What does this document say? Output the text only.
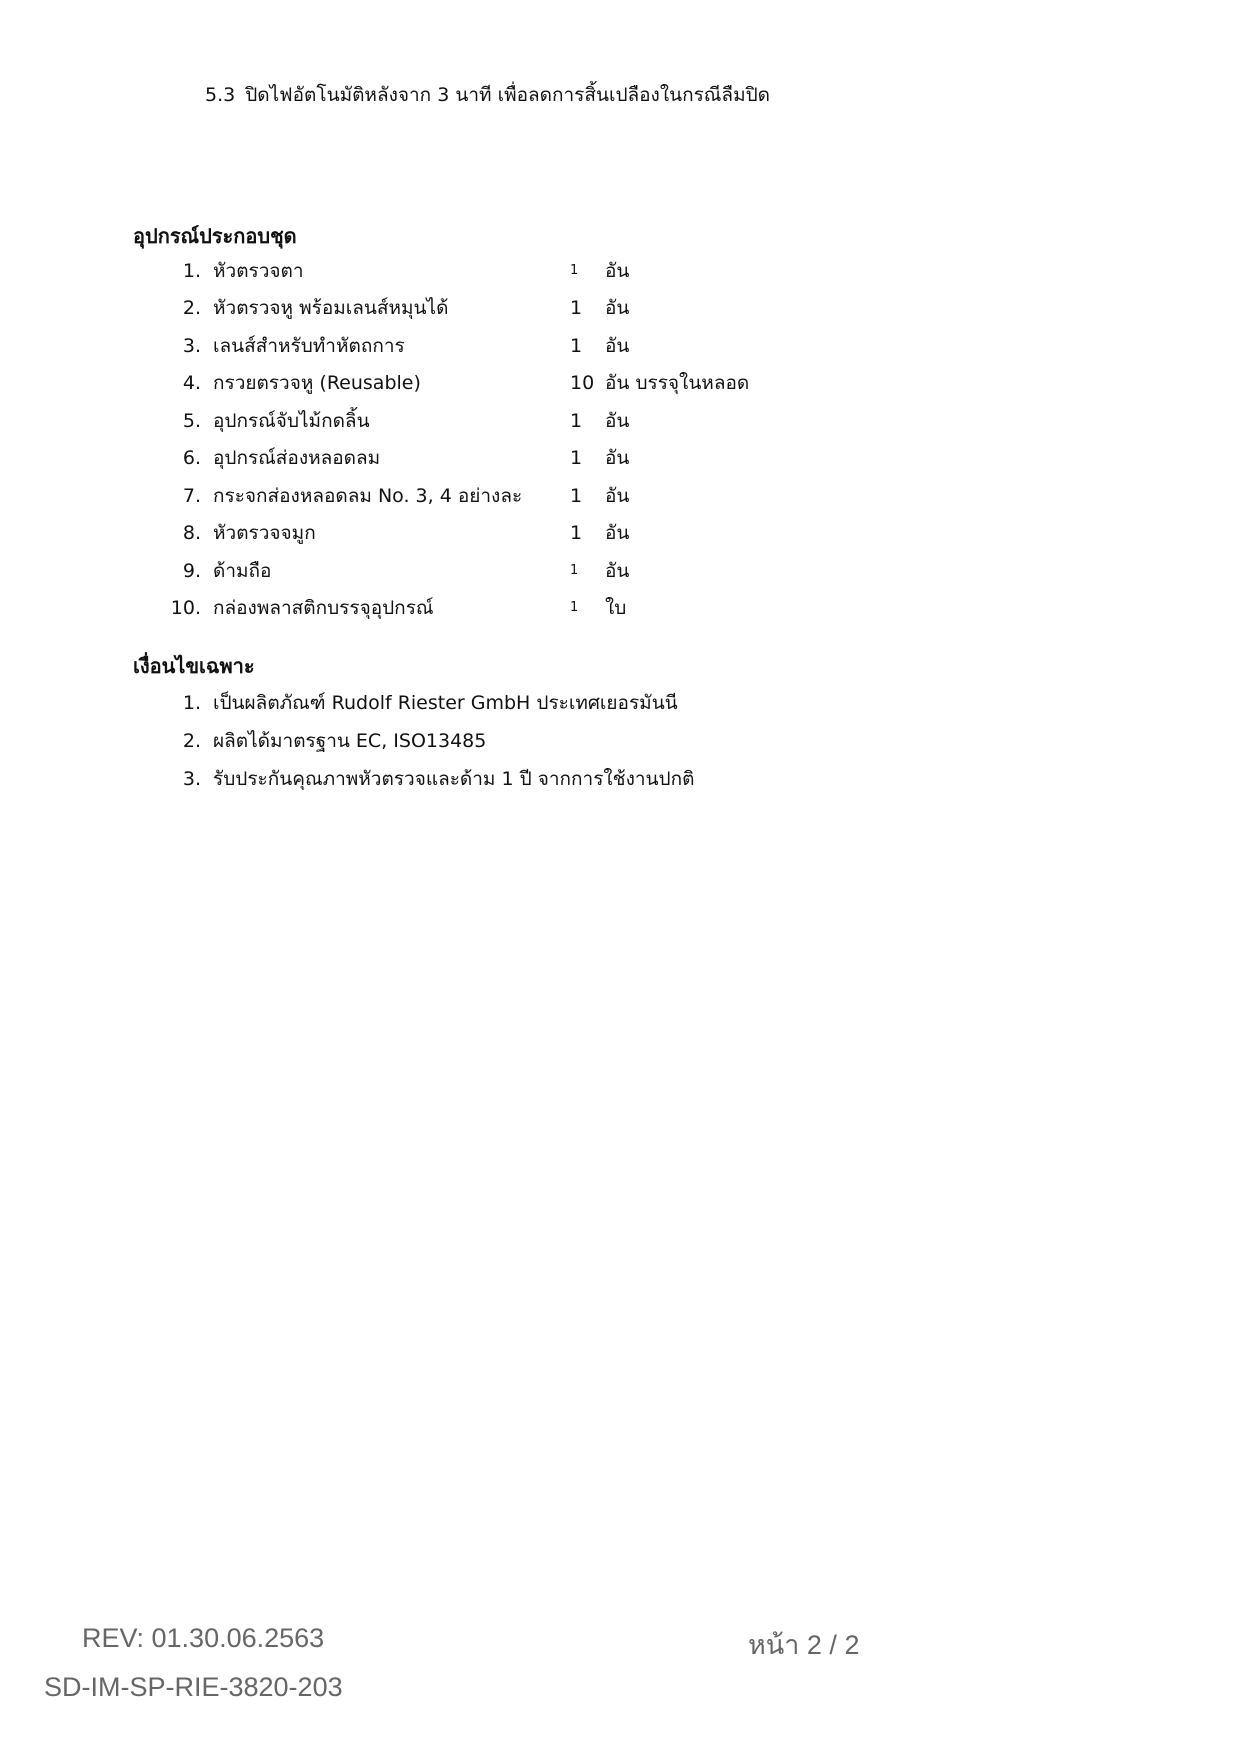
5.3 ปิดไฟอัตโนมัติหลังจาก 3 นาที เพื่อลดการสิ้นเปลืองในกรณีลืมปิด
อุปกรณ์ประกอบชุด
1. หัวตรวจตา	1 อัน
2. หัวตรวจหู พร้อมเลนส์หมุนได้	1 อัน
3. เลนส์สำหรับทำหัตถการ	1 อัน
4. กรวยตรวจหู (Reusable)	10 อัน บรรจุในหลอด
5. อุปกรณ์จับไม้กดลิ้น	1 อัน
6. อุปกรณ์ส่องหลอดลม	1 อัน
7. กระจกส่องหลอดลม No. 3, 4 อย่างละ	1 อัน
8. หัวตรวจจมูก	1 อัน
9. ด้ามถือ	1 อัน
10. กล่องพลาสติกบรรจุอุปกรณ์	1 ใบ
เงื่อนไขเฉพาะ
1. เป็นผลิตภัณฑ์ Rudolf Riester GmbH ประเทศเยอรมันนี
2. ผลิตได้มาตรฐาน EC, ISO13485
3. รับประกันคุณภาพหัวตรวจและด้าม 1 ปี จากการใช้งานปกติ
REV: 01.30.06.2563	หน้า 2 / 2
SD-IM-SP-RIE-3820-203
